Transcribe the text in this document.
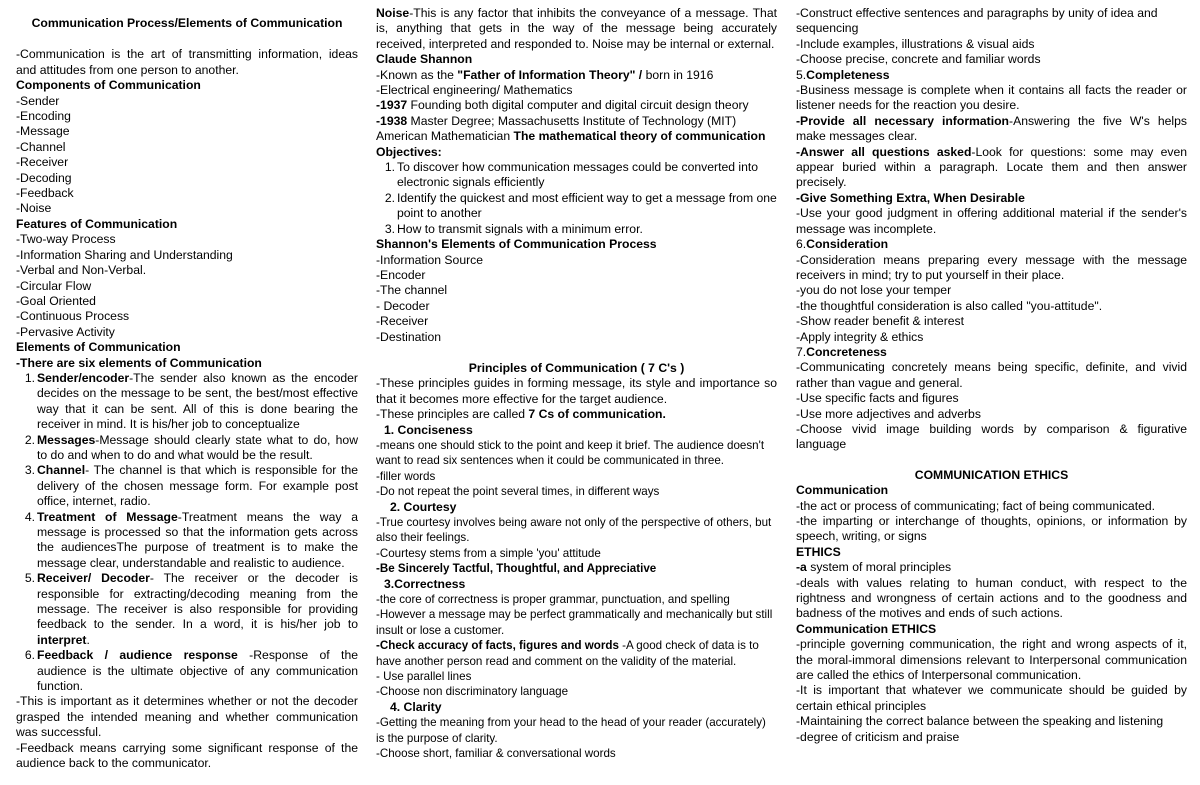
Communication Process/Elements of Communication
-Communication is the art of transmitting information, ideas and attitudes from one person to another.
Components of Communication
-Sender
-Encoding
-Message
-Channel
-Receiver
-Decoding
-Feedback
-Noise
Features of Communication
-Two-way Process
-Information Sharing and Understanding
-Verbal and Non-Verbal.
-Circular Flow
-Goal Oriented
-Continuous Process
-Pervasive Activity
Elements of Communication
-There are six elements of Communication
1. Sender/encoder-The sender also known as the encoder decides on the message to be sent, the best/most effective way that it can be sent. All of this is done bearing the receiver in mind. It is his/her job to conceptualize
2. Messages-Message should clearly state what to do, how to do and when to do and what would be the result.
3. Channel- The channel is that which is responsible for the delivery of the chosen message form. For example post office, internet, radio.
4. Treatment of Message-Treatment means the way a message is processed so that the information gets across the audiencesThe purpose of treatment is to make the message clear, understandable and realistic to audience.
5. Receiver/ Decoder- The receiver or the decoder is responsible for extracting/decoding meaning from the message. The receiver is also responsible for providing feedback to the sender. In a word, it is his/her job to interpret.
6. Feedback / audience response -Response of the audience is the ultimate objective of any communication function.
-This is important as it determines whether or not the decoder grasped the intended meaning and whether communication was successful.
-Feedback means carrying some significant response of the audience back to the communicator.
Noise-This is any factor that inhibits the conveyance of a message. That is, anything that gets in the way of the message being accurately received, interpreted and responded to. Noise may be internal or external.
Claude Shannon
-Known as the "Father of Information Theory" / born in 1916
-Electrical engineering/ Mathematics
-1937 Founding both digital computer and digital circuit design theory
-1938 Master Degree; Massachusetts Institute of Technology (MIT)
American Mathematician The mathematical theory of communication
Objectives:
1. To discover how communication messages could be converted into electronic signals efficiently
2. Identify the quickest and most efficient way to get a message from one point to another
3. How to transmit signals with a minimum error.
Shannon's Elements of Communication Process
-Information Source
-Encoder
-The channel
- Decoder
-Receiver
-Destination
Principles of Communication ( 7 C's )
-These principles guides in forming message, its style and importance so that it becomes more effective for the target audience.
-These principles are called 7 Cs of communication.
1. Conciseness
-means one should stick to the point and keep it brief. The audience doesn't want to read six sentences when it could be communicated in three.
-filler words
-Do not repeat the point several times, in different ways
2. Courtesy
-True courtesy involves being aware not only of the perspective of others, but also their feelings.
-Courtesy stems from a simple 'you' attitude
-Be Sincerely Tactful, Thoughtful, and Appreciative
3.Correctness
-the core of correctness is proper grammar, punctuation, and spelling
-However a message may be perfect grammatically and mechanically but still insult or lose a customer.
-Check accuracy of facts, figures and words -A good check of data is to have another person read and comment on the validity of the material.
- Use parallel lines
-Choose non discriminatory language
4. Clarity
-Getting the meaning from your head to the head of your reader (accurately) is the purpose of clarity.
-Choose short, familiar & conversational words
-Construct effective sentences and paragraphs by unity of idea and sequencing
-Include examples, illustrations & visual aids
-Choose precise, concrete and familiar words
5.Completeness
-Business message is complete when it contains all facts the reader or listener needs for the reaction you desire.
-Provide all necessary information-Answering the five W's helps make messages clear.
-Answer all questions asked-Look for questions: some may even appear buried within a paragraph. Locate them and then answer precisely.
-Give Something Extra, When Desirable
-Use your good judgment in offering additional material if the sender's message was incomplete.
6.Consideration
-Consideration means preparing every message with the message receivers in mind; try to put yourself in their place.
-you do not lose your temper
-the thoughtful consideration is also called "you-attitude".
-Show reader benefit & interest
-Apply integrity & ethics
7.Concreteness
-Communicating concretely means being specific, definite, and vivid rather than vague and general.
-Use specific facts and figures
-Use more adjectives and adverbs
-Choose vivid image building words by comparison & figurative language
COMMUNICATION ETHICS
Communication
-the act or process of communicating; fact of being communicated.
-the imparting or interchange of thoughts, opinions, or information by speech, writing, or signs
ETHICS
-a system of moral principles
-deals with values relating to human conduct, with respect to the rightness and wrongness of certain actions and to the goodness and badness of the motives and ends of such actions.
Communication ETHICS
-principle governing communication, the right and wrong aspects of it, the moral-immoral dimensions relevant to Interpersonal communication are called the ethics of Interpersonal communication.
-It is important that whatever we communicate should be guided by certain ethical principles
-Maintaining the correct balance between the speaking and listening
-degree of criticism and praise
